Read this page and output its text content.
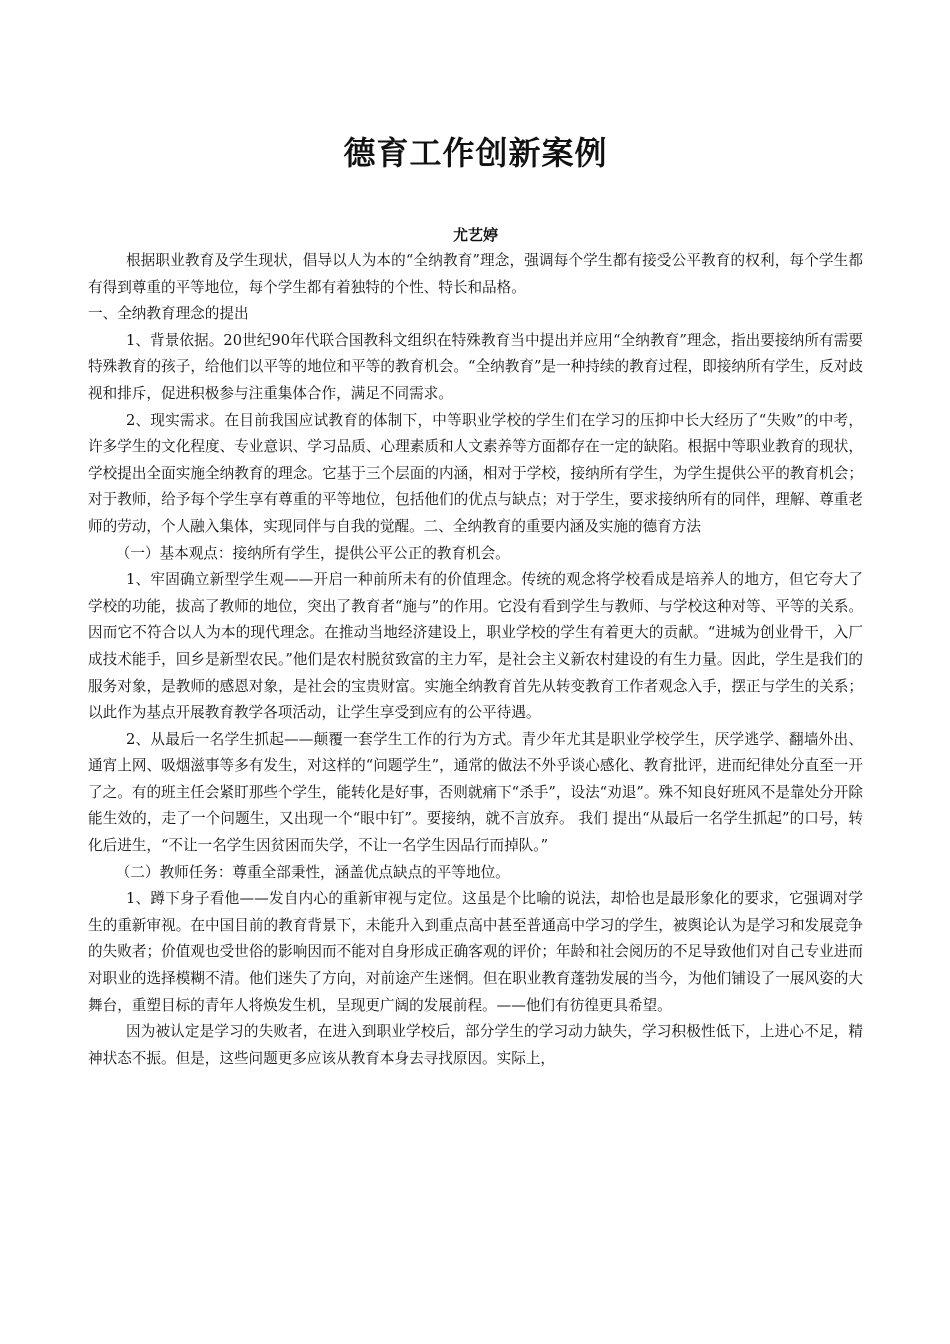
德育工作创新案例
尤艺婷

根据职业教育及学生现状，倡导以人为本的“全纳教育”理念，强调每个学生都有接受公平教育的权利，每个学生都有得到尊重的平等地位，每个学生都有着独特的个性、特长和品格。

一、全纳教育理念的提出

1、背景依据。20世纪90年代联合国教科文组织在特殊教育当中提出并应用“全纳教育”理念，指出要接纳所有需要特殊教育的孩子，给他们以平等的地位和平等的教育机会。“全纳教育”是一种持续的教育过程，即接纳所有学生，反对歧视和排斥，促进积极参与注重集体合作，满足不同需求。

2、现实需求。在目前我国应试教育的体制下，中等职业学校的学生们在学习的压抑中长大经历了“失败”的中考，许多学生的文化程度、专业意识、学习品质、心理素质和人文素养等方面都存在一定的缺陷。根据中等职业教育的现状，学校提出全面实施全纳教育的理念。它基于三个层面的内涵，相对于学校，接纳所有学生，为学生提供公平的教育机会；对于教师，给予每个学生享有尊重的平等地位，包括他们的优点与缺点；对于学生，要求接纳所有的同伴，理解、尊重老师的劳动，个人融入集体，实现同伴与自我的觉醒。二、全纳教育的重要内涵及实施的德育方法

（一）基本观点：接纳所有学生，提供公平公正的教育机会。

1、牢固确立新型学生观——开启一种前所未有的价值理念。传统的观念将学校看成是培养人的地方，但它夸大了学校的功能，拔高了教师的地位，突出了教育者“施与”的作用。它没有看到学生与教师、与学校这种对等、平等的关系。因而它不符合以人为本的现代理念。在推动当地经济建设上，职业学校的学生有着更大的贡献。“进城为创业骨干，入厂成技术能手，回乡是新型农民。”他们是农村脱贫致富的主力军，是社会主义新农村建设的有生力量。因此，学生是我们的服务对象，是教师的感恩对象，是社会的宝贵财富。实施全纳教育首先从转变教育工作者观念入手，摆正与学生的关系；以此作为基点开展教育教学各项活动，让学生享受到应有的公平待遇。

2、从最后一名学生抓起——颠覆一套学生工作的行为方式。青少年尤其是职业学校学生，厌学逃学、翻墙外出、通宵上网、吸烟滋事等多有发生，对这样的“问题学生”，通常的做法不外乎谈心感化、教育批评，进而纪律处分直至一开了之。有的班主任会紧盯那些个学生，能转化是好事，否则就痛下“杀手”，设法“劝退”。殊不知良好班风不是靠处分开除能生效的，走了一个问题生，又出现一个“眼中钉”。要接纳，就不言放弃。 我们 提出“从最后一名学生抓起”的口号，转化后进生，“不让一名学生因贫困而失学，不让一名学生因品行而掉队。”

（二）教师任务：尊重全部秉性，涵盖优点缺点的平等地位。

1、蹲下身子看他——发自内心的重新审视与定位。这虽是个比喻的说法，却恰也是最形象化的要求，它强调对学生的重新审视。在中国目前的教育背景下，未能升入到重点高中甚至普通高中学习的学生，被舆论认为是学习和发展竞争的失败者；价值观也受世俗的影响因而不能对自身形成正确客观的评价；年龄和社会阅历的不足导致他们对自己专业进而对职业的选择模糊不清。他们迷失了方向，对前途产生迷惘。但在职业教育蓬勃发展的当今，为他们铺设了一展风姿的大舞台，重塑目标的青年人将焕发生机，呈现更广阔的发展前程。——他们有彷徨更具希望。

因为被认定是学习的失败者，在进入到职业学校后，部分学生的学习动力缺失，学习积极性低下，上进心不足，精神状态不振。但是，这些问题更多应该从教育本身去寻找原因。实际上，
